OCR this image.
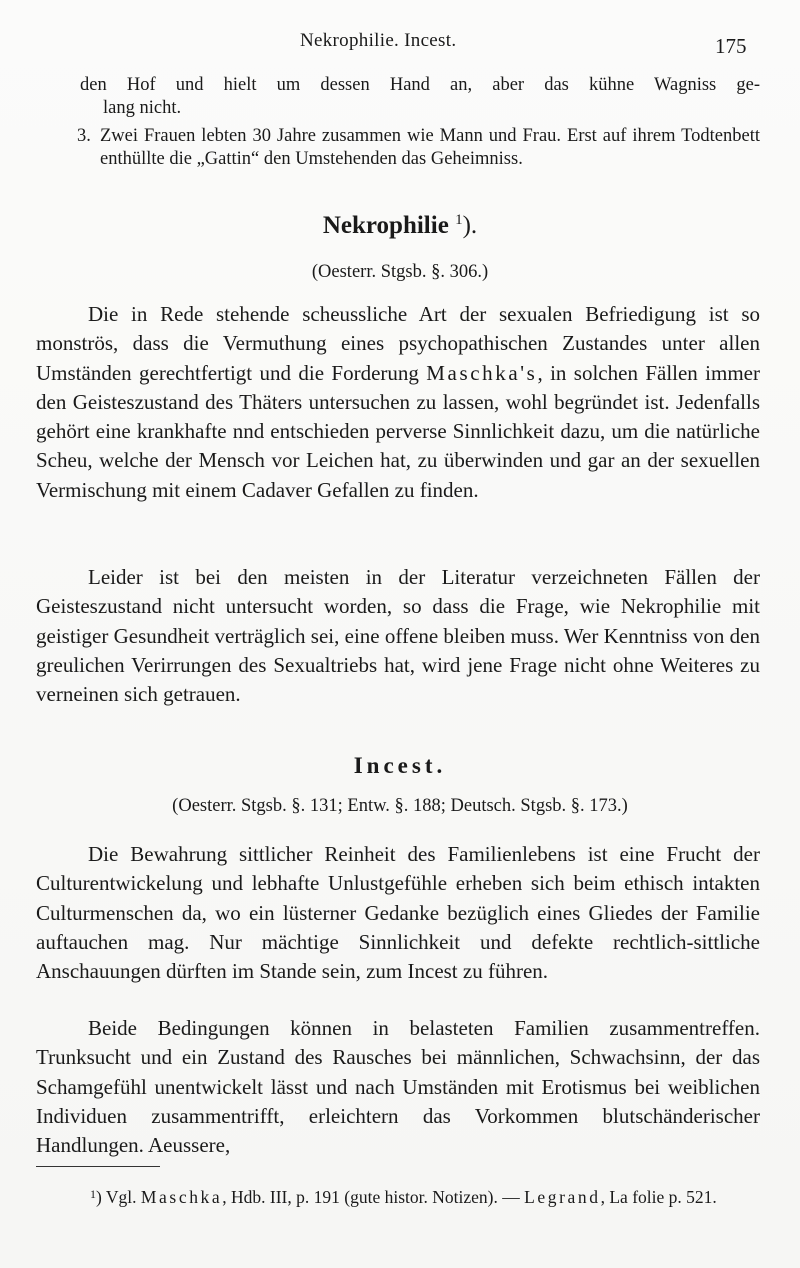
Nekrophilie. Incest.	175
den Hof und hielt um dessen Hand an, aber das kühne Wagniss ge-
lang nicht.
3. Zwei Frauen lebten 30 Jahre zusammen wie Mann und Frau. Erst auf ihrem Todtenbett enthüllte die „Gattin“ den Umstehenden das Geheimniss.
Nekrophilie $^1$).
(Oesterr. Stgsb. §. 306.)

Die in Rede stehende scheussliche Art der sexualen Befriedigung ist so monströs, dass die Vermuthung eines psychopathischen Zustandes unter allen Umständen gerechtfertigt und die Forderung Maschka's, in solchen Fällen immer den Geisteszustand des Thäters untersuchen zu lassen, wohl begründet ist. Jedenfalls gehört eine krankhafte nnd entschieden perverse Sinnlichkeit dazu, um die natürliche Scheu, welche der Mensch vor Leichen hat, zu überwinden und gar an der sexuellen Vermischung mit einem Cadaver Gefallen zu finden.

Leider ist bei den meisten in der Literatur verzeichneten Fällen der Geisteszustand nicht untersucht worden, so dass die Frage, wie Nekrophilie mit geistiger Gesundheit verträglich sei, eine offene bleiben muss. Wer Kenntniss von den greulichen Verirrungen des Sexualtriebs hat, wird jene Frage nicht ohne Weiteres zu verneinen sich getrauen.

Incest.
(Oesterr. Stgsb. §. 131; Entw. §. 188; Deutsch. Stgsb. §. 173.)

Die Bewahrung sittlicher Reinheit des Familienlebens ist eine Frucht der Culturentwickelung und lebhafte Unlustgefühle erheben sich beim ethisch intakten Culturmenschen da, wo ein lüsterner Gedanke bezüglich eines Gliedes der Familie auftauchen mag. Nur mächtige Sinnlichkeit und defekte rechtlich-sittliche Anschauungen dürften im Stande sein, zum Incest zu führen.

Beide Bedingungen können in belasteten Familien zusammentreffen. Trunksucht und ein Zustand des Rausches bei männlichen, Schwachsinn, der das Schamgefühl unentwickelt lässt und nach Umständen mit Erotismus bei weiblichen Individuen zusammentrifft, erleichtern das Vorkommen blutschänderischer Handlungen. Aeussere,

$^1$) Vgl. Maschka, Hdb. III, p. 191 (gute histor. Notizen). — Legrand, La folie p. 521.
